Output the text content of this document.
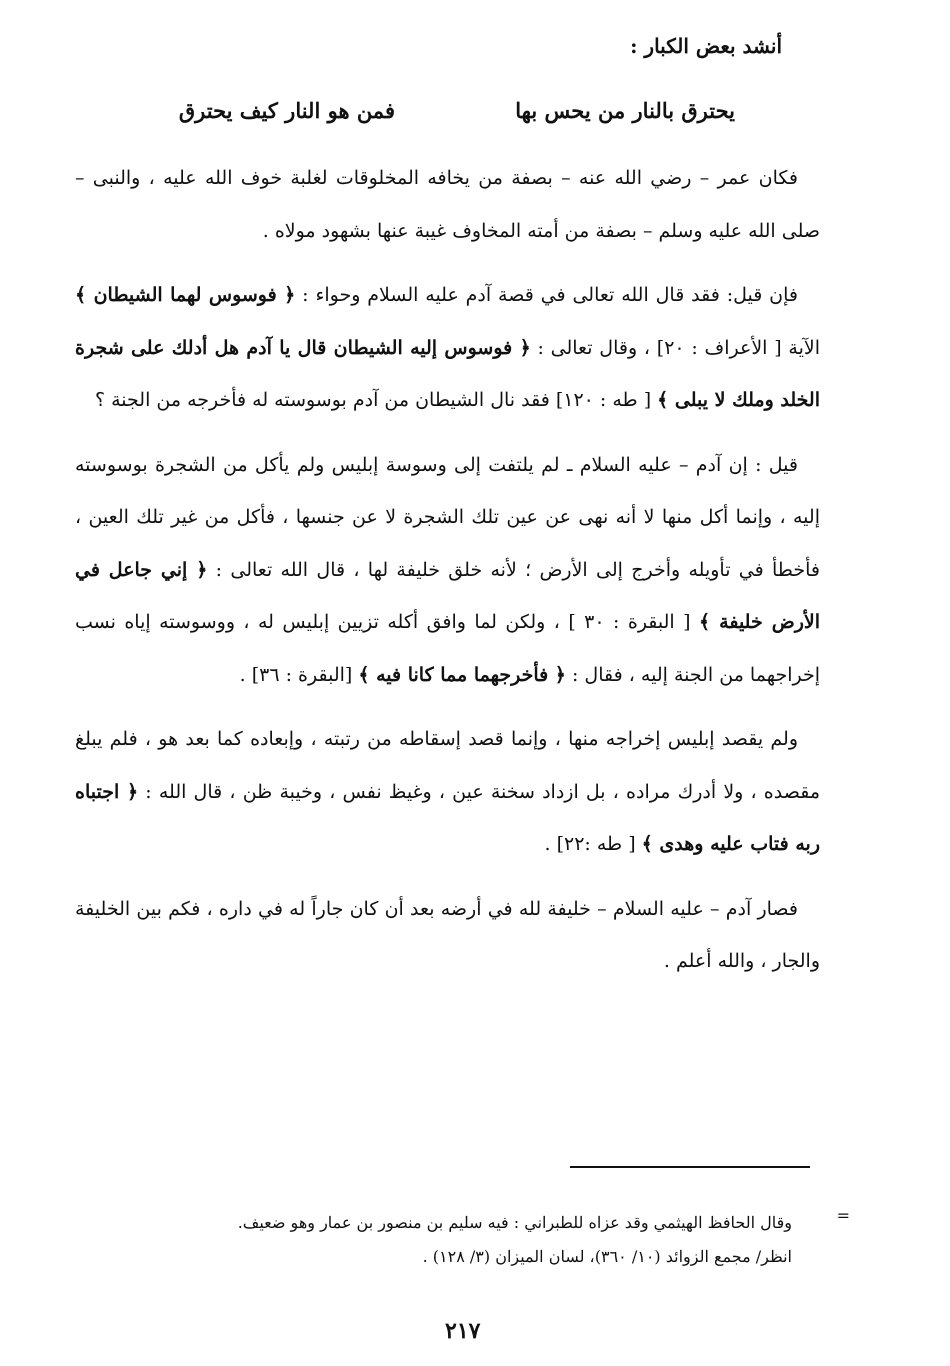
أنشد بعض الكبار :
يحترق بالنار من يحس بها
فمن هو النار كيف يحترق

فكان عمر – رضي الله عنه – بصفة من يخافه المخلوقات لغلبة خوف الله عليه ، والنبى – صلى الله عليه وسلم – بصفة من أمته المخاوف غيبة عنها بشهود مولاه .

فإن قيل: فقد قال الله تعالى في قصة آدم عليه السلام وحواء : ﴿ فوسوس لهما الشيطان ﴾ الآية [ الأعراف : ٢٠] ، وقال تعالى : ﴿ فوسوس إليه الشيطان قال يا آدم هل أدلك على شجرة الخلد وملك لا يبلى ﴾ [ طه : ١٢٠] فقد نال الشيطان من آدم بوسوسته له فأخرجه من الجنة ؟

قيل : إن آدم – عليه السلام ـ لم يلتفت إلى وسوسة إبليس ولم يأكل من الشجرة بوسوسته إليه ، وإنما أكل منها لا أنه نهى عن عين تلك الشجرة لا عن جنسها ، فأكل من غير تلك العين ، فأخطأ في تأويله وأخرج إلى الأرض ؛ لأنه خلق خليفة لها ، قال الله تعالى : ﴿ إني جاعل في الأرض خليفة ﴾ [ البقرة : ٣٠ ] ، ولكن لما وافق أكله تزيين إبليس له ، ووسوسته إياه نسب إخراجهما من الجنة إليه ، فقال : ﴿ فأخرجهما مما كانا فيه ﴾ [البقرة : ٣٦] .

ولم يقصد إبليس إخراجه منها ، وإنما قصد إسقاطه من رتبته ، وإبعاده كما بعد هو ، فلم يبلغ مقصده ، ولا أدرك مراده ، بل ازداد سخنة عين ، وغيظ نفس ، وخيبة ظن ، قال الله : ﴿ اجتباه ربه فتاب عليه وهدى ﴾ [ طه :٢٢] .

فصار آدم – عليه السلام – خليفة لله في أرضه بعد أن كان جاراً له في داره ، فكم بين الخليفة والجار ، والله أعلم .

=

وقال الحافظ الهيثمي وقد عزاه للطبراني : فيه سليم بن منصور بن عمار وهو ضعيف.

انظر/ مجمع الزوائد (١٠/ ٣٦٠)، لسان الميزان (٣/ ١٢٨) .

٢١٧
